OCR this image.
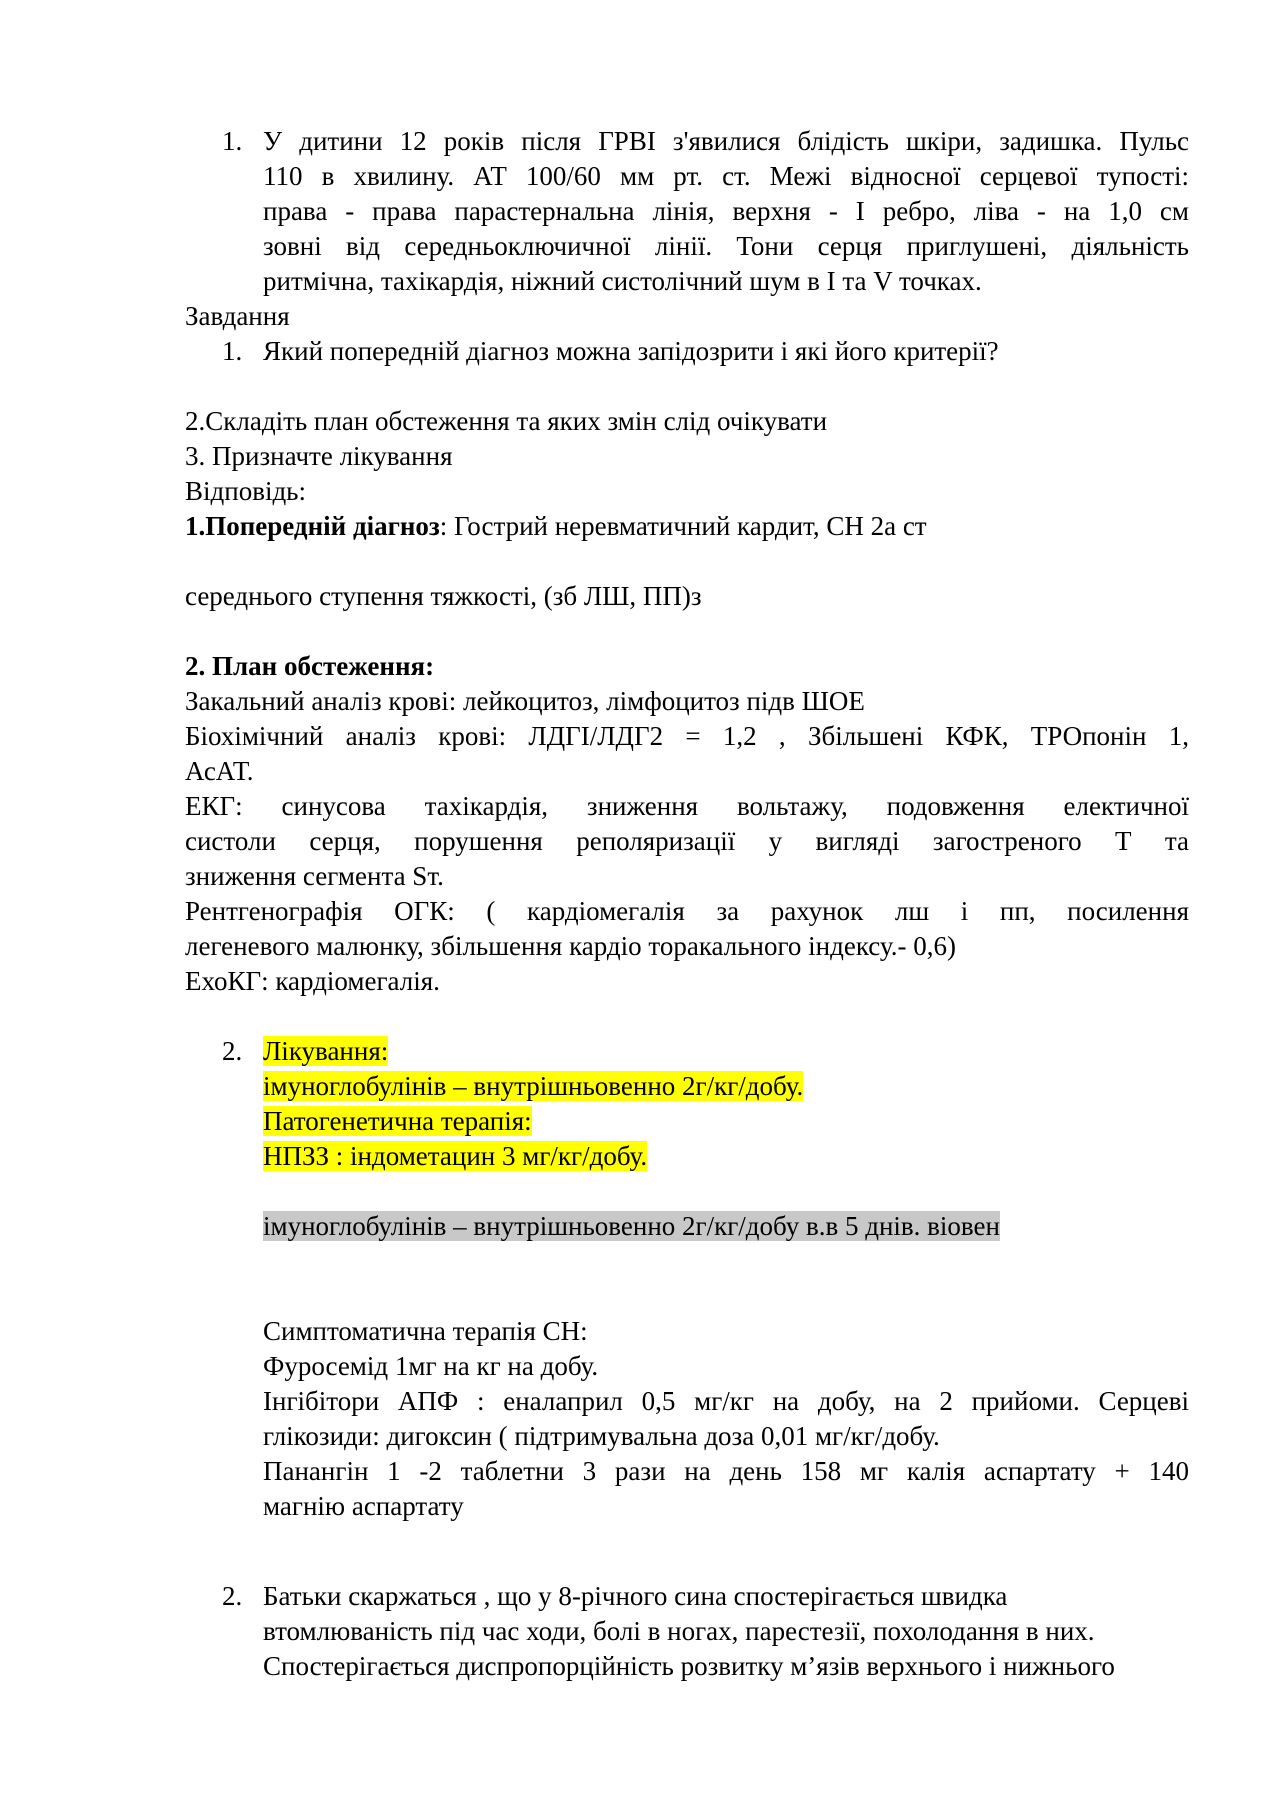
1. У дитини 12 років після ГРВІ з'явилися блідість шкіри, задишка. Пульс
110 в хвилину. АТ 100/60 мм рт. ст. Межі відносної серцевої тупості:
права - права парастернальна лінія, верхня - І ребро, ліва - на 1,0 см
зовні від середньоключичної лінії. Тони серця приглушені, діяльність
ритмічна, тахікардія, ніжний систолічний шум в І та V точках.
Завдання
1. Який попередній діагноз можна запідозрити і які його критерії?
2.Складіть план обстеження та яких змін слід очікувати
3. Призначте лікування
Відповідь:
1.Попередній діагноз: Гострий неревматичний кардит, СН 2а ст
середнього ступення тяжкості, (зб ЛШ, ПП)з
2. План обстеження:
Закальний аналіз крові: лейкоцитоз, лімфоцитоз підв ШОЕ
Біохімічний аналіз крові: ЛДГІ/ЛДГ2 = 1,2 , Збільшені КФК, ТРОпонін 1,
АсАТ.
ЕКГ: синусова тахікардія, зниження вольтажу, подовження електичної
систоли серця, порушення реполяризації у вигляді загостреного Т та
зниження сегмента Sт.
Рентгенографія ОГК: ( кардіомегалія за рахунок лш і пп, посилення
легеневого малюнку, збільшення кардіо торакального індексу.- 0,6)
ЕхоКГ: кардіомегалія.
2. Лікування:
імуноглобулінів – внутрішньовенно 2г/кг/добу.
Патогенетична терапія:
НПЗЗ : індометацин 3 мг/кг/добу.
імуноглобулінів – внутрішньовенно 2г/кг/добу в.в 5 днів. віовен
Симптоматична терапія СН:
Фуросемід 1мг на кг на добу.
Інгібітори АПФ : еналаприл 0,5 мг/кг на добу, на 2 прийоми. Серцеві
глікозиди: дигоксин ( підтримувальна доза 0,01 мг/кг/добу.
Панангін 1 -2 таблетни 3 рази на день 158 мг калія аспартату + 140
магнію аспартату
2. Батьки скаржаться , що у 8-річного сина спостерігається швидка
втомлюваність під час ходи, болі в ногах, парестезії, похолодання в них.
Спостерігається диспропорційність розвитку м’язів верхнього і нижнього
